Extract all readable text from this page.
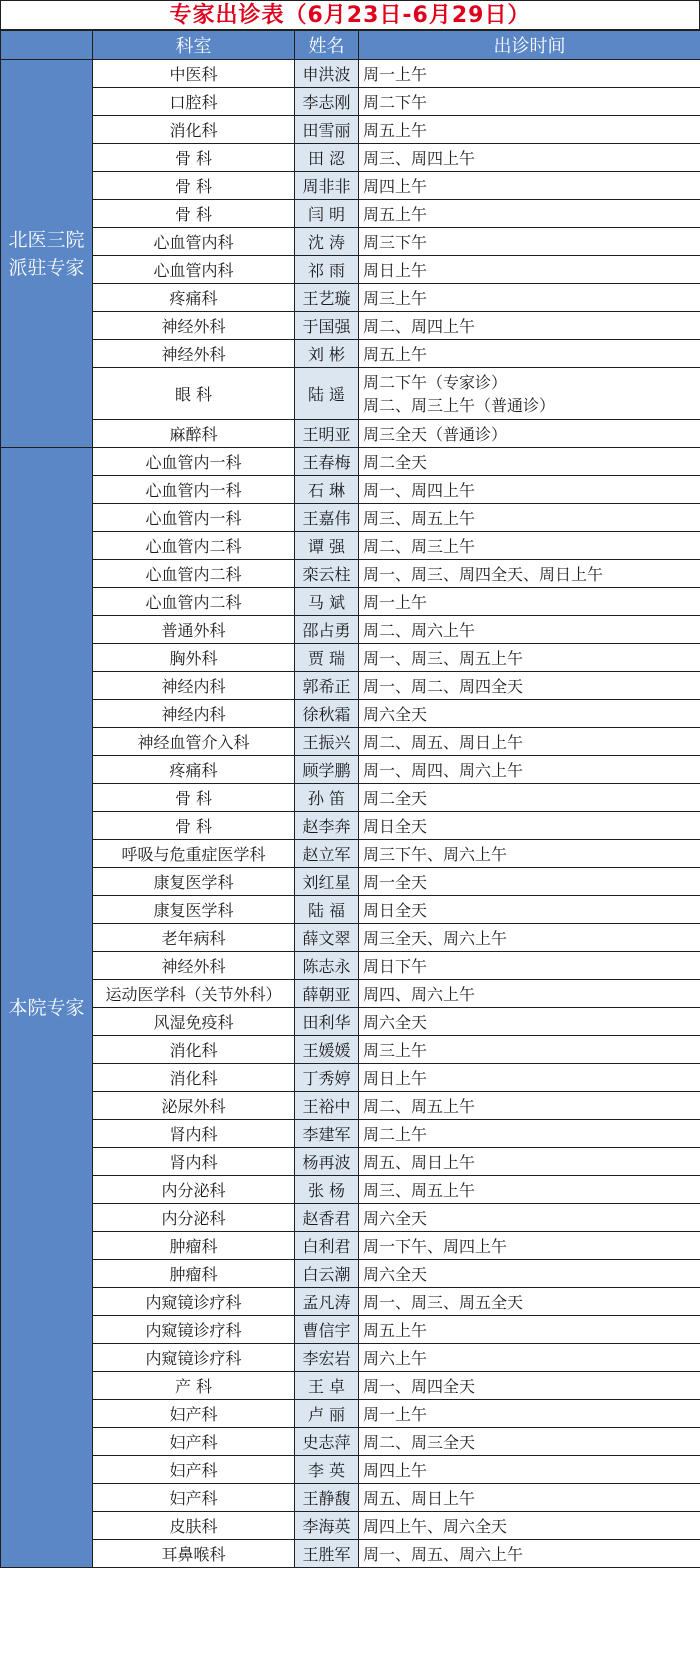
专家出诊表（6月23日-6月29日）
	科室	姓名	出诊时间
北医三院派驻专家	中医科	申洪波	周一上午
	口腔科	李志刚	周二下午
	消化科	田雪丽	周五上午
	骨 科	田 涊	周三、周四上午
	骨 科	周非非	周四上午
	骨 科	闫 明	周五上午
	心血管内科	沈 涛	周三下午
	心血管内科	祁 雨	周日上午
	疼痛科	王艺璇	周三上午
	神经外科	于国强	周二、周四上午
	神经外科	刘 彬	周五上午
	眼 科	陆 遥	周二下午（专家诊）
周二、周三上午（普通诊）

	麻醉科	王明亚	周三全天（普通诊）
本院专家	心血管内一科	王春梅	周二全天
	心血管内一科	石 琳	周一、周四上午
	心血管内一科	王嘉伟	周三、周五上午
	心血管内二科	谭 强	周二、周三上午
	心血管内二科	栾云柱	周一、周三、周四全天、周日上午
	心血管内二科	马 斌	周一上午
	普通外科	邵占勇	周二、周六上午
	胸外科	贾 瑞	周一、周三、周五上午
	神经内科	郭希正	周一、周二、周四全天
	神经内科	徐秋霜	周六全天
	神经血管介入科	王振兴	周二、周五、周日上午
	疼痛科	顾学鹏	周一、周四、周六上午
	骨 科	孙 笛	周二全天
	骨 科	赵李奔	周日全天
	呼吸与危重症医学科	赵立军	周三下午、周六上午
	康复医学科	刘红星	周一全天
	康复医学科	陆 福	周日全天
	老年病科	薛文翠	周三全天、周六上午
	神经外科	陈志永	周日下午
	运动医学科（关节外科）	薛朝亚	周四、周六上午
	风湿免疫科	田利华	周六全天
	消化科	王媛媛	周三上午
	消化科	丁秀婷	周日上午
	泌尿外科	王裕中	周二、周五上午
	肾内科	李建军	周二上午
	肾内科	杨再波	周五、周日上午
	内分泌科	张 杨	周三、周五上午
	内分泌科	赵香君	周六全天
	肿瘤科	白利君	周一下午、周四上午
	肿瘤科	白云潮	周六全天
	内窥镜诊疗科	孟凡涛	周一、周三、周五全天
	内窥镜诊疗科	曹信宇	周五上午
	内窥镜诊疗科	李宏岩	周六上午
	产 科	王 卓	周一、周四全天
	妇产科	卢 丽	周一上午
	妇产科	史志萍	周二、周三全天
	妇产科	李 英	周四上午
	妇产科	王静馥	周五、周日上午
	皮肤科	李海英	周四上午、周六全天
	耳鼻喉科	王胜军	周一、周五、周六上午
